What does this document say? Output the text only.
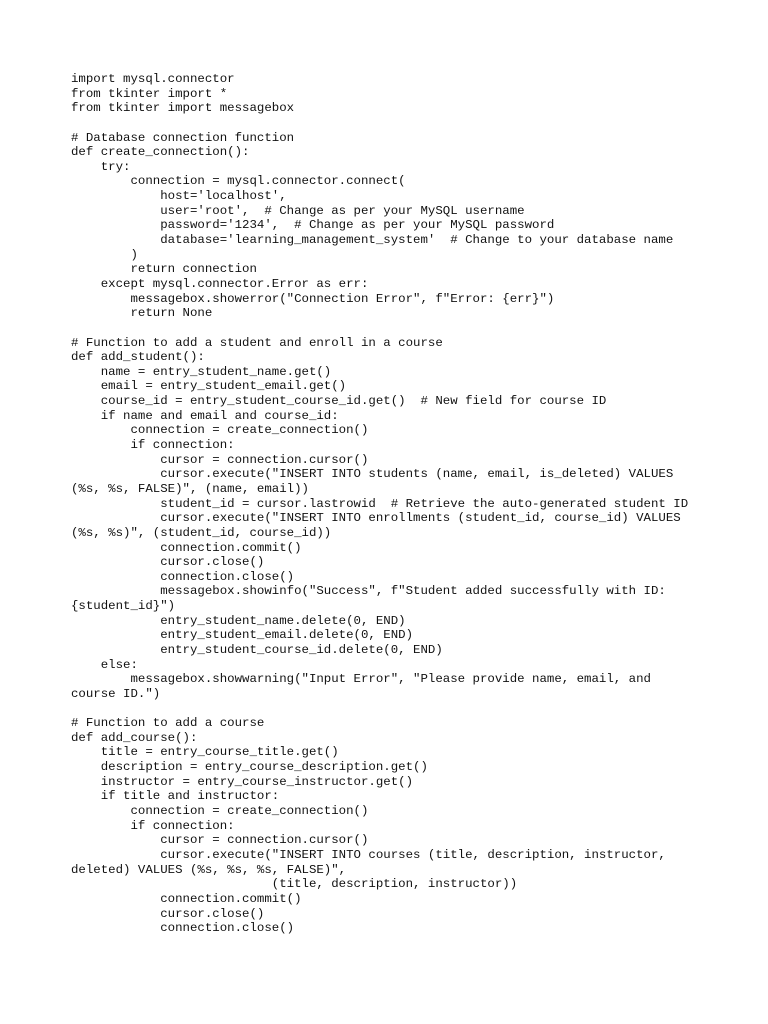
import mysql.connector
from tkinter import *
from tkinter import messagebox
# Database connection function
def create_connection():
try:
connection = mysql.connector.connect(
host='localhost',
user='root',  # Change as per your MySQL username
password='1234',  # Change as per your MySQL password
database='learning_management_system'  # Change to your database name
)
return connection
except mysql.connector.Error as err:
messagebox.showerror("Connection Error", f"Error: {err}")
return None
# Function to add a student and enroll in a course
def add_student():
name = entry_student_name.get()
email = entry_student_email.get()
course_id = entry_student_course_id.get()  # New field for course ID
if name and email and course_id:
connection = create_connection()
if connection:
cursor = connection.cursor()
cursor.execute("INSERT INTO students (name, email, is_deleted) VALUES
(%s, %s, FALSE)", (name, email))
student_id = cursor.lastrowid  # Retrieve the auto-generated student ID
cursor.execute("INSERT INTO enrollments (student_id, course_id) VALUES
(%s, %s)", (student_id, course_id))
connection.commit()
cursor.close()
connection.close()
messagebox.showinfo("Success", f"Student added successfully with ID:
{student_id}")
entry_student_name.delete(0, END)
entry_student_email.delete(0, END)
entry_student_course_id.delete(0, END)
else:
messagebox.showwarning("Input Error", "Please provide name, email, and
course ID.")
# Function to add a course
def add_course():
title = entry_course_title.get()
description = entry_course_description.get()
instructor = entry_course_instructor.get()
if title and instructor:
connection = create_connection()
if connection:
cursor = connection.cursor()
cursor.execute("INSERT INTO courses (title, description, instructor,
deleted) VALUES (%s, %s, %s, FALSE)",
(title, description, instructor))
connection.commit()
cursor.close()
connection.close()
